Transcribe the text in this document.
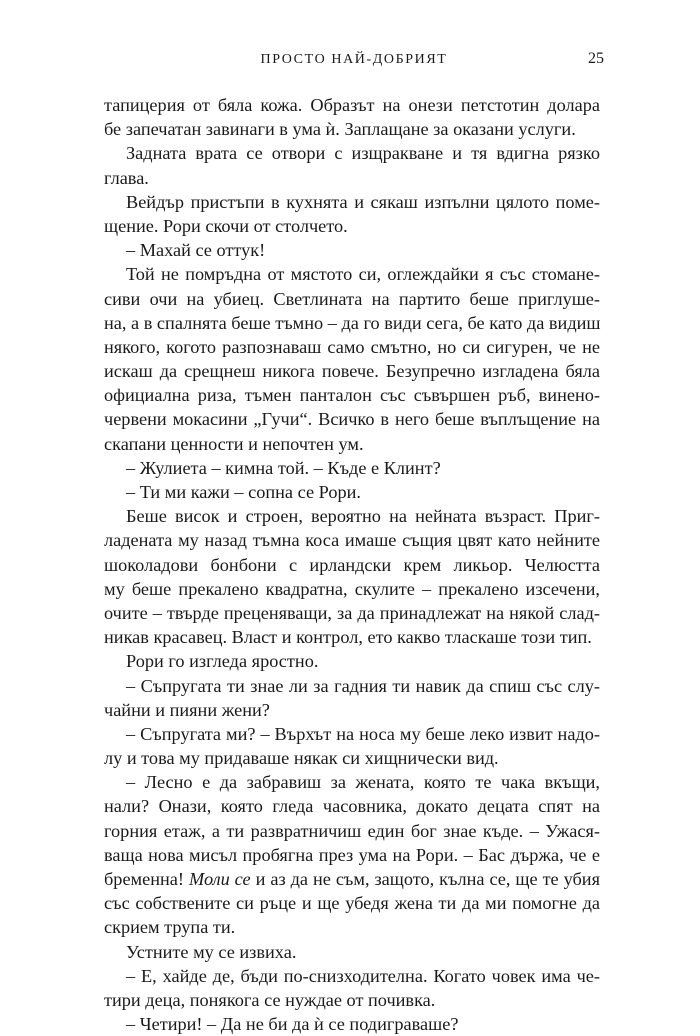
ПРОСТО НАЙ-ДОБРИЯТ	25
тапицерия от бяла кожа. Образът на онези петстотин долара
бе запечатан завинаги в ума ѝ. Заплащане за оказани услуги.
Задната врата се отвори с изщракване и тя вдигна рязко
глава.
Вейдър пристъпи в кухнята и сякаш изпълни цялото поме-
щение. Рори скочи от столчето.
– Махай се оттук!
Той не помръдна от мястото си, оглеждайки я със стомане-
сиви очи на убиец. Светлината на партито беше приглуше-
на, а в спалнята беше тъмно – да го види сега, бе като да видиш
някого, когото разпознаваш само смътно, но си сигурен, че не
искаш да срещнеш никога повече. Безупречно изгладена бяла
официална риза, тъмен панталон със съвършен ръб, виненo-
червени мокасини „Гучи“. Всичко в него беше въплъщение на
скапани ценности и непочтен ум.
– Жулиета – кимна той. – Къде е Клинт?
– Ти ми кажи – сопна се Рори.
Беше висок и строен, вероятно на нейната възраст. Приг-
ладената му назад тъмна коса имаше същия цвят като нейните
шоколадови бонбони с ирландски крем ликьор. Челюстта
му беше прекалено квадратна, скулите – прекалено изсечени,
очите – твърде преценяващи, за да принадлежат на някой слад-
никав красавец. Власт и контрол, ето какво тласкаше този тип.
Рори го изгледа яростно.
– Съпругата ти знае ли за гадния ти навик да спиш със слу-
чайни и пияни жени?
– Съпругата ми? – Върхът на носа му беше леко извит надо-
лу и това му придаваше някак си хищнически вид.
– Лесно е да забравиш за жената, която те чака вкъщи,
нали? Онази, която гледа часовника, докато децата спят на
горния етаж, а ти развратничиш един бог знае къде. – Ужася-
ваща нова мисъл пробягна през ума на Рори. – Бас държа, че е
бременна! Моли се и аз да не съм, защото, кълна се, ще те убия
със собствените си ръце и ще убедя жена ти да ми помогне да
скрием трупа ти.
Устните му се извиха.
– Е, хайде де, бъди по-снизходителна. Когато човек има че-
тири деца, понякога се нуждае от почивка.
– Четири! – Да не би да ѝ се подиграваше?
